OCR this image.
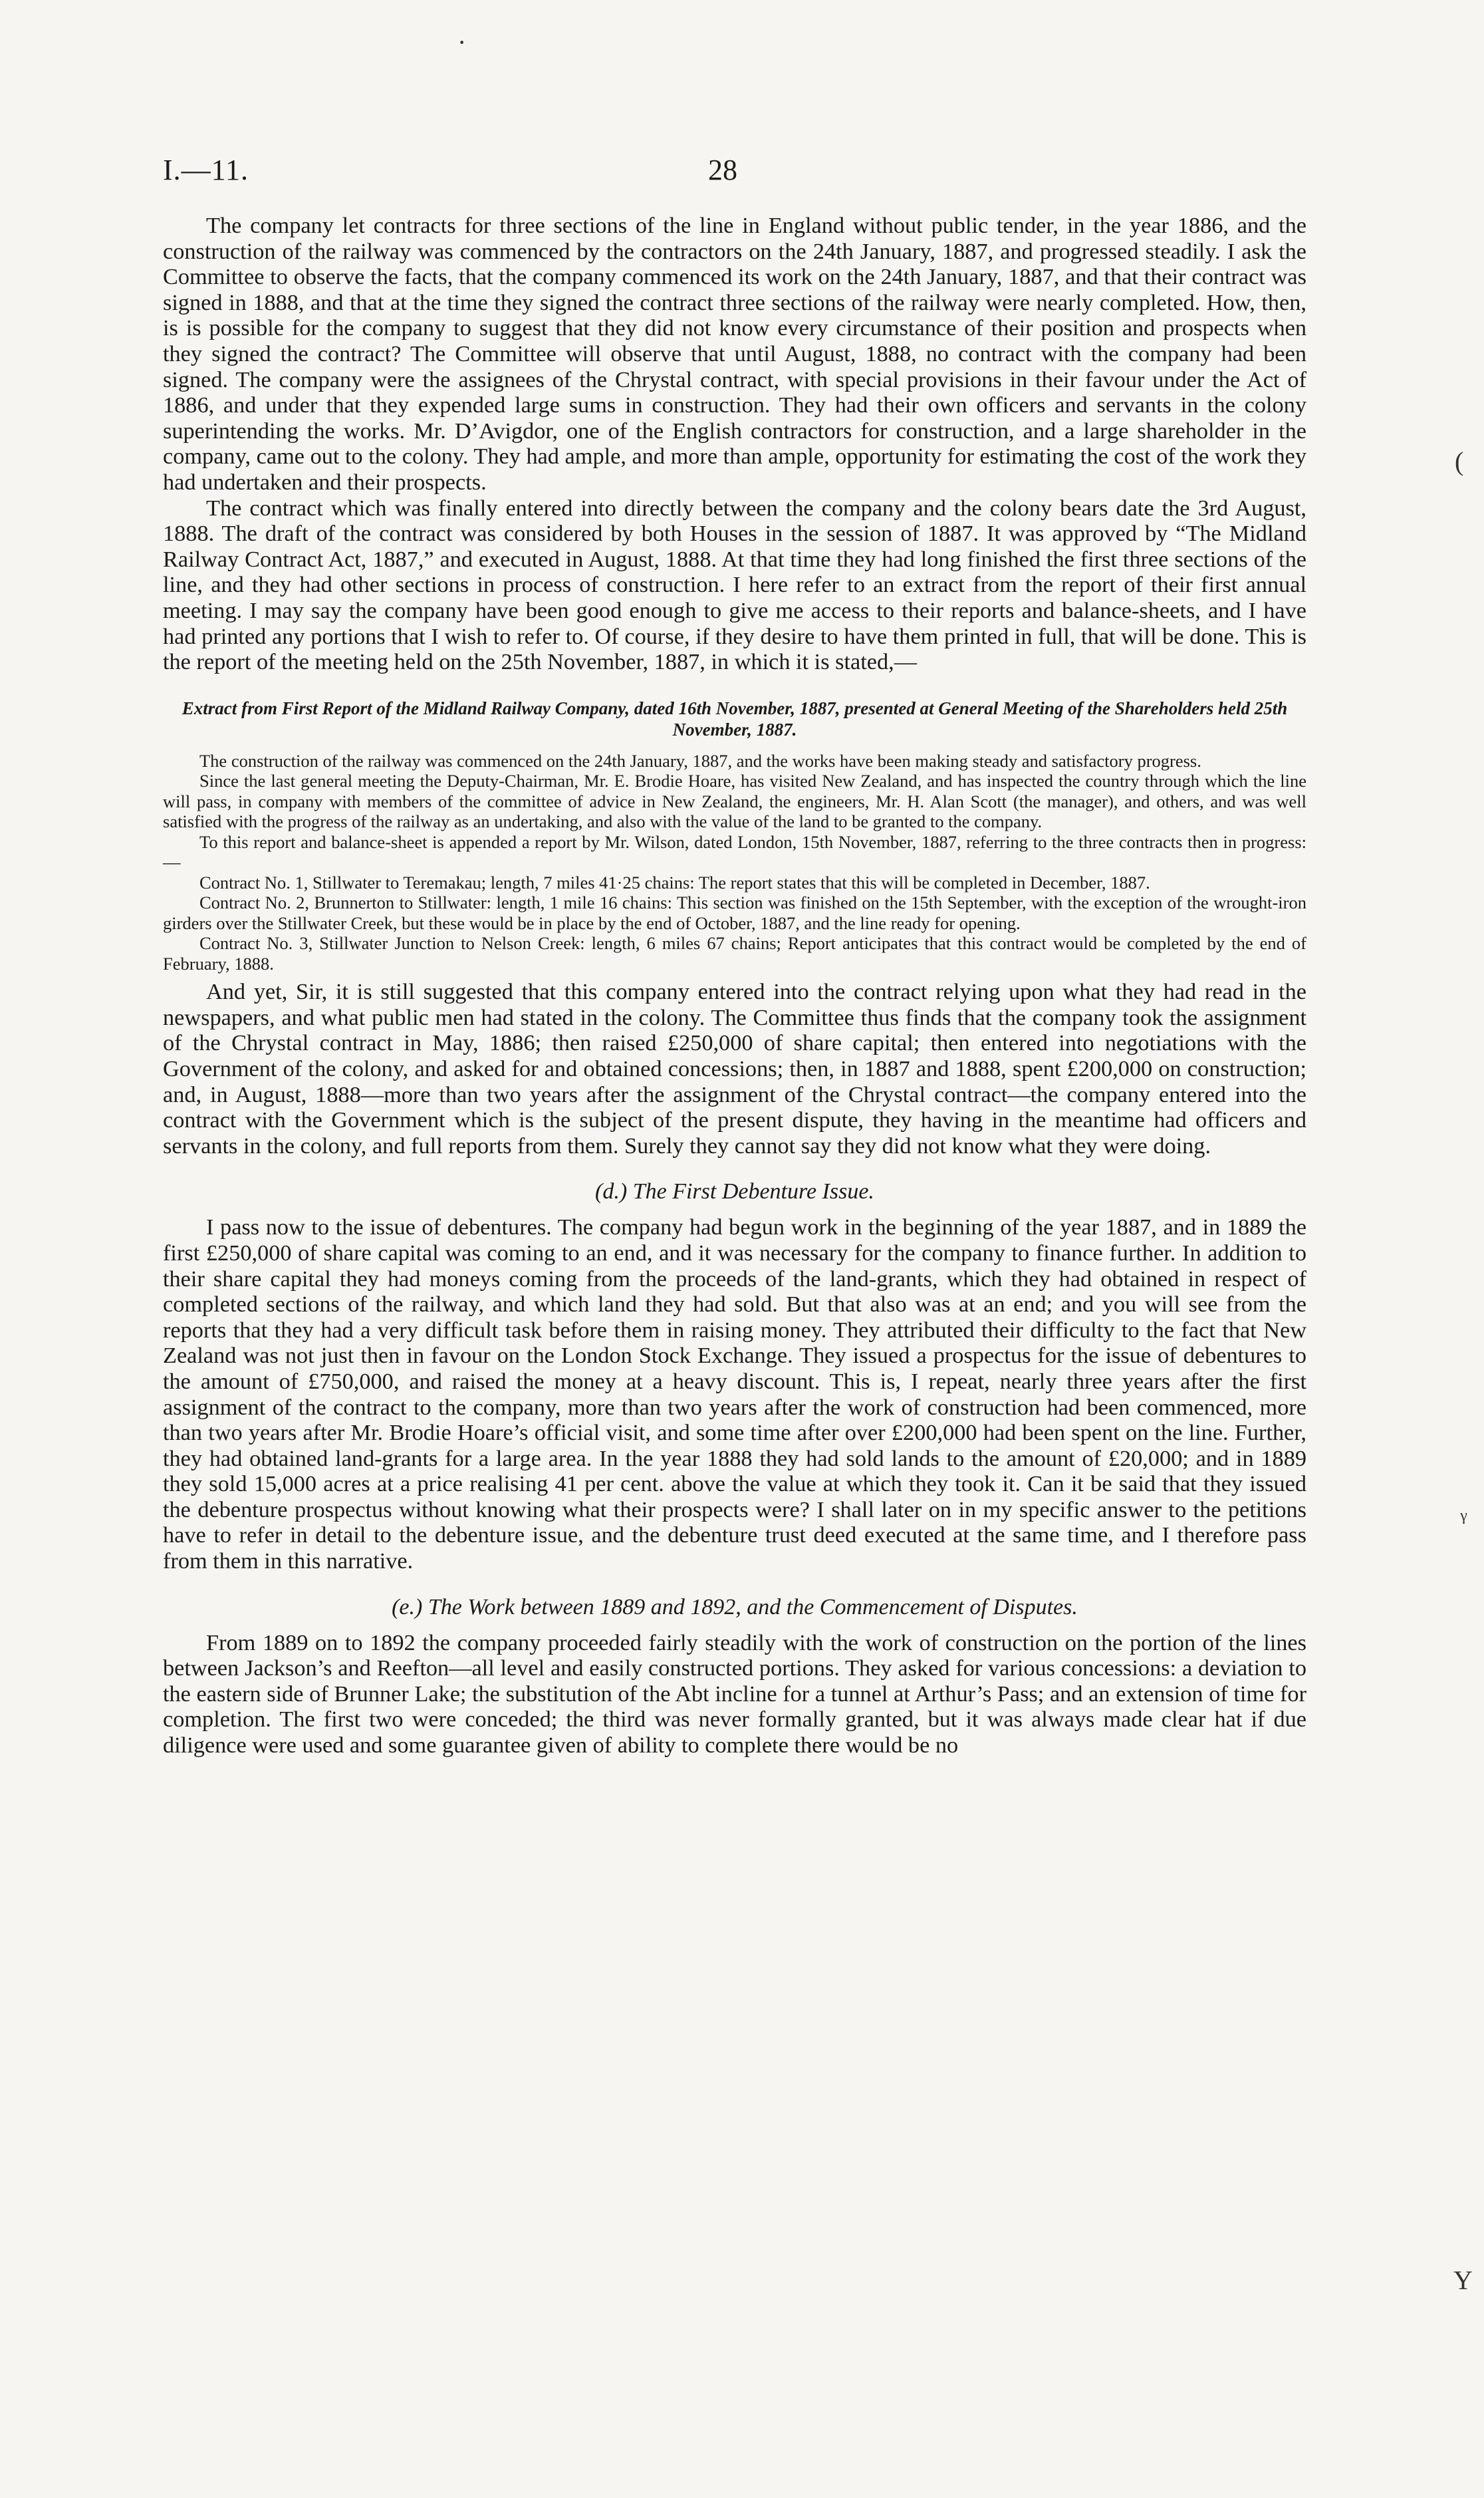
·
(
ᵞ
Y
I.—11.	28

The company let contracts for three sections of the line in England without public tender, in the year 1886, and the construction of the railway was commenced by the contractors on the 24th January, 1887, and progressed steadily. I ask the Committee to observe the facts, that the company commenced its work on the 24th January, 1887, and that their contract was signed in 1888, and that at the time they signed the contract three sections of the railway were nearly completed. How, then, is is possible for the company to suggest that they did not know every circumstance of their position and prospects when they signed the contract? The Committee will observe that until August, 1888, no contract with the company had been signed. The company were the assignees of the Chrystal contract, with special provisions in their favour under the Act of 1886, and under that they expended large sums in construction. They had their own officers and servants in the colony superintending the works. Mr. D’Avigdor, one of the English contractors for construction, and a large shareholder in the company, came out to the colony. They had ample, and more than ample, opportunity for estimating the cost of the work they had undertaken and their prospects.

The contract which was finally entered into directly between the company and the colony bears date the 3rd August, 1888. The draft of the contract was considered by both Houses in the session of 1887. It was approved by “The Midland Railway Contract Act, 1887,” and executed in August, 1888. At that time they had long finished the first three sections of the line, and they had other sections in process of construction. I here refer to an extract from the report of their first annual meeting. I may say the company have been good enough to give me access to their reports and balance-sheets, and I have had printed any portions that I wish to refer to. Of course, if they desire to have them printed in full, that will be done. This is the report of the meeting held on the 25th November, 1887, in which it is stated,—

Extract from First Report of the Midland Railway Company, dated 16th November, 1887, presented at General Meeting of the Shareholders held 25th November, 1887.

The construction of the railway was commenced on the 24th January, 1887, and the works have been making steady and satisfactory progress.

Since the last general meeting the Deputy-Chairman, Mr. E. Brodie Hoare, has visited New Zealand, and has inspected the country through which the line will pass, in company with members of the committee of advice in New Zealand, the engineers, Mr. H. Alan Scott (the manager), and others, and was well satisfied with the progress of the railway as an undertaking, and also with the value of the land to be granted to the company.

To this report and balance-sheet is appended a report by Mr. Wilson, dated London, 15th November, 1887, referring to the three contracts then in progress:—

Contract No. 1, Stillwater to Teremakau; length, 7 miles 41·25 chains: The report states that this will be completed in December, 1887.

Contract No. 2, Brunnerton to Stillwater: length, 1 mile 16 chains: This section was finished on the 15th September, with the exception of the wrought-iron girders over the Stillwater Creek, but these would be in place by the end of October, 1887, and the line ready for opening.

Contract No. 3, Stillwater Junction to Nelson Creek: length, 6 miles 67 chains; Report anticipates that this contract would be completed by the end of February, 1888.

And yet, Sir, it is still suggested that this company entered into the contract relying upon what they had read in the newspapers, and what public men had stated in the colony. The Committee thus finds that the company took the assignment of the Chrystal contract in May, 1886; then raised £250,000 of share capital; then entered into negotiations with the Government of the colony, and asked for and obtained concessions; then, in 1887 and 1888, spent £200,000 on construction; and, in August, 1888—more than two years after the assignment of the Chrystal contract—the company entered into the contract with the Government which is the subject of the present dispute, they having in the meantime had officers and servants in the colony, and full reports from them. Surely they cannot say they did not know what they were doing.

(d.) The First Debenture Issue.

I pass now to the issue of debentures. The company had begun work in the beginning of the year 1887, and in 1889 the first £250,000 of share capital was coming to an end, and it was necessary for the company to finance further. In addition to their share capital they had moneys coming from the proceeds of the land-grants, which they had obtained in respect of completed sections of the railway, and which land they had sold. But that also was at an end; and you will see from the reports that they had a very difficult task before them in raising money. They attributed their difficulty to the fact that New Zealand was not just then in favour on the London Stock Exchange. They issued a prospectus for the issue of debentures to the amount of £750,000, and raised the money at a heavy discount. This is, I repeat, nearly three years after the first assignment of the contract to the company, more than two years after the work of construction had been commenced, more than two years after Mr. Brodie Hoare’s official visit, and some time after over £200,000 had been spent on the line. Further, they had obtained land-grants for a large area. In the year 1888 they had sold lands to the amount of £20,000; and in 1889 they sold 15,000 acres at a price realising 41 per cent. above the value at which they took it. Can it be said that they issued the debenture prospectus without knowing what their prospects were? I shall later on in my specific answer to the petitions have to refer in detail to the debenture issue, and the debenture trust deed executed at the same time, and I therefore pass from them in this narrative.

(e.) The Work between 1889 and 1892, and the Commencement of Disputes.

From 1889 on to 1892 the company proceeded fairly steadily with the work of construction on the portion of the lines between Jackson’s and Reefton—all level and easily constructed portions. They asked for various concessions: a deviation to the eastern side of Brunner Lake; the substitution of the Abt incline for a tunnel at Arthur’s Pass; and an extension of time for completion. The first two were conceded; the third was never formally granted, but it was always made clear hat if due diligence were used and some guarantee given of ability to complete there would be no
